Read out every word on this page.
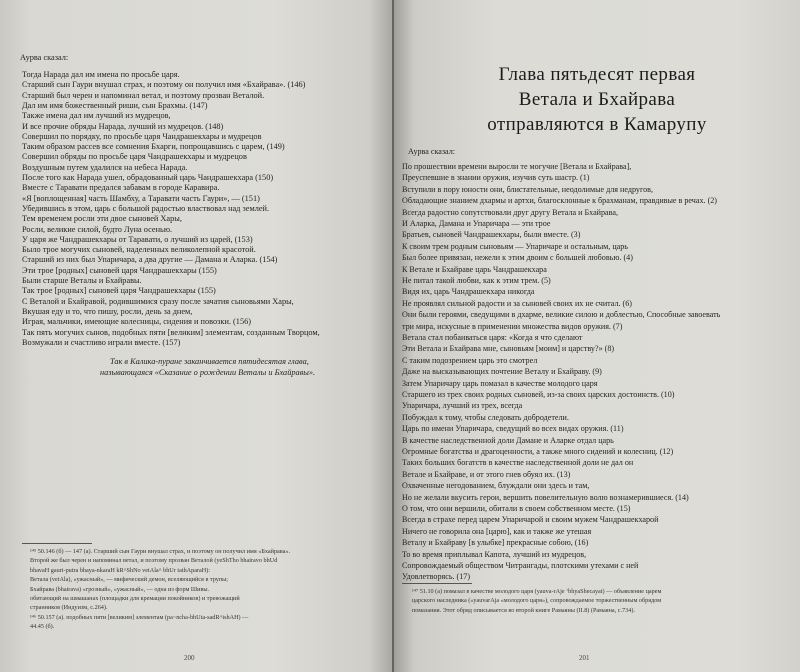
Аурва сказал:
Тогда Нарада дал им имена по просьбе царя.
Старший сын Гаури внушал страх, и поэтому он получил имя «Бхайрава». (146)
Старший был черен и напоминал ветал, и поэтому прозван Веталой.
Дал им имя божественный риши, сын Брахмы. (147)
Также имена дал им лучший из мудрецов,
И все прочие обряды Нарада, лучший из мудрецов. (148)
Совершил по порядку, по просьбе царя Чандрашекхары и мудрецов
Таким образом рассев все сомнения Бхарги, попрощавшись с царем, (149)
Совершил обряды по просьбе царя Чандрашекхары и мудрецов
Воздушным путем удалился на небеса Нарада.
После того как Нарада ушел, обрадованный царь Чандрашекхара (150)
Вместе с Таравати предался забавам в городе Каравира.
«Я [воплощенная] часть Шамбху, а Таравати часть Гаури», — (151)
Убедившись в этом, царь с большой радостью властвовал над землей.
Тем временем росли эти двое сыновей Хары,
Росли, великие силой, будто Луна осенью.
У царя же Чандрашекхары от Таравати, о лучший из царей, (153)
Было трое могучих сыновей, наделенных великолепной красотой.
Старший из них был Упаричара, а два другие — Дамана и Аларка. (154)
Эти трое [родных] сыновей царя Чандрашекхары (155)
Были старше Веталы и Бхайравы.
Так трое [родных] сыновей царя Чандрашекхары (155)
С Веталой и Бхайравой, родившимися сразу после зачатия сыновьями Хары,
Вкушая еду и то, что пишу, росли, день за днем,
Играя, мальчики, имеющие колесницы, сидения и повозки. (156)
Так пять могучих сынов, подобных пяти [великим] элементам, созданным Творцом,
Возмужали и счастливо играли вместе. (157)
Так в Калика-пуране заканчивается пятидесятая глава,
называющаяся «Сказание о рождении Веталы и Бхайравы».
¹⁴⁵ 50.146 (б) — 147 (а). Старший сын Гаури внушал страх, и поэтому он получил имя «Бхайрава».
Второй же был черен и напоминал ветал, и поэтому прозван Веталой (yeShTho bhairavo bhUd
bhavaH gauri-putra bhaya-nkaraH kR^ShNo vetAla^ bhUr tathAparaH):
Ветала (vetAla), «ужасный», — мифический демон, вселяющийся в трупы;
Бхайрава (bhairava) «грозный», «ужасный», — одна из форм Шивы.
обитающий на шмашанах (площадки для кремации покойников) и тревожащий
странников (Индуизм, с.264).
¹⁴⁶ 50.157 (а). подобных пяти [великим] элементам (pa~ncha-bhUta-sadR^ishAH) —
44.45 (б).
200
Глава пятьдесят первая
Ветала и Бхайрава
отправляются в Камарупу
Аурва сказал:
По прошествии времени выросли те могучие [Ветала и Бхайрава],
Преуспевшие в знании оружия, изучив суть шастр. (1)
Вступили в пору юности они, блистательные, неодолимые для недругов,
Обладающие знанием дхармы и артхи, благосклонные к брахманам, правдивые в речах. (2)
Всегда радостно сопутствовали друг другу Ветала и Бхайрава,
И Аларка, Дамана и Упаричара — эти трое
Братьев, сыновей Чандрашекхары, были вместе. (3)
К своим трем родным сыновьям — Упаричаре и остальным, царь
Был более привязан, нежели к этим двоим с большей любовью. (4)
К Ветале и Бхайраве царь Чандрашекхара
Не питал такой любви, как к этим трем. (5)
Видя их, царь Чандрашекхара никогда
Не проявлял сильной радости и за сыновей своих их не считал. (6)
Они были героями, сведущими в дхарме, великие силою и доблестью, Способные завоевать
три мира, искусные в применении множества видов оружия. (7)
Ветала стал побаиваться царя: «Когда я что сделают
Эти Ветала и Бхайрава мне, сыновьям [моим] и царству?» (8)
С таким подозрением царь это смотрел
Даже на высказывающих почтение Веталу и Бхайраву. (9)
Затем Упаричару царь помазал в качестве молодого царя
Старшего из трех своих родных сыновей, из-за своих царских достоинств. (10)
Упаричара, лучший из трех, всегда
Побуждал к тому, чтобы следовать добродетели.
Царь по имени Упаричара, сведущий во всех видах оружия. (11)
В качестве наследственной доли Дамане и Аларке отдал царь
Огромные богатства и драгоценности, а также много сидений и колесниц. (12)
Таких больших богатств в качестве наследственной доли не дал он
Ветале и Бхайраве, и от этого гнев обуял их. (13)
Охваченные негодованием, блуждали они здесь и там,
Но не желали вкусить герои, вершить повелительную волю вознамерившиеся. (14)
О том, что они вершили, обитали в своем собственном месте. (15)
Всегда в страхе перед царем Упаричарой и своим мужем Чандрашекхарой
Ничего не говорила она [царю], как и также же утешая
Веталу и Бхайраву [в улыбке] прекрасные собою, (16)
То во время приплывал Капота, лучший из мудрецов,
Сопровождаемый обществом Читрангады, плотскими утехами с ней
Удовлетворясь. (17)
¹⁴⁷ 51.10 (а) помазал в качестве молодого царя (yauva-rAje ‘bhyaShecayat) — объявление царем
царского наследника («yauvarAja «молодого царя»), сопровождаемое торжественным обрядом
помазания. Этот обряд описывается во второй книге Рамаяны (II.8) (Рамаяна, с.734).
201
